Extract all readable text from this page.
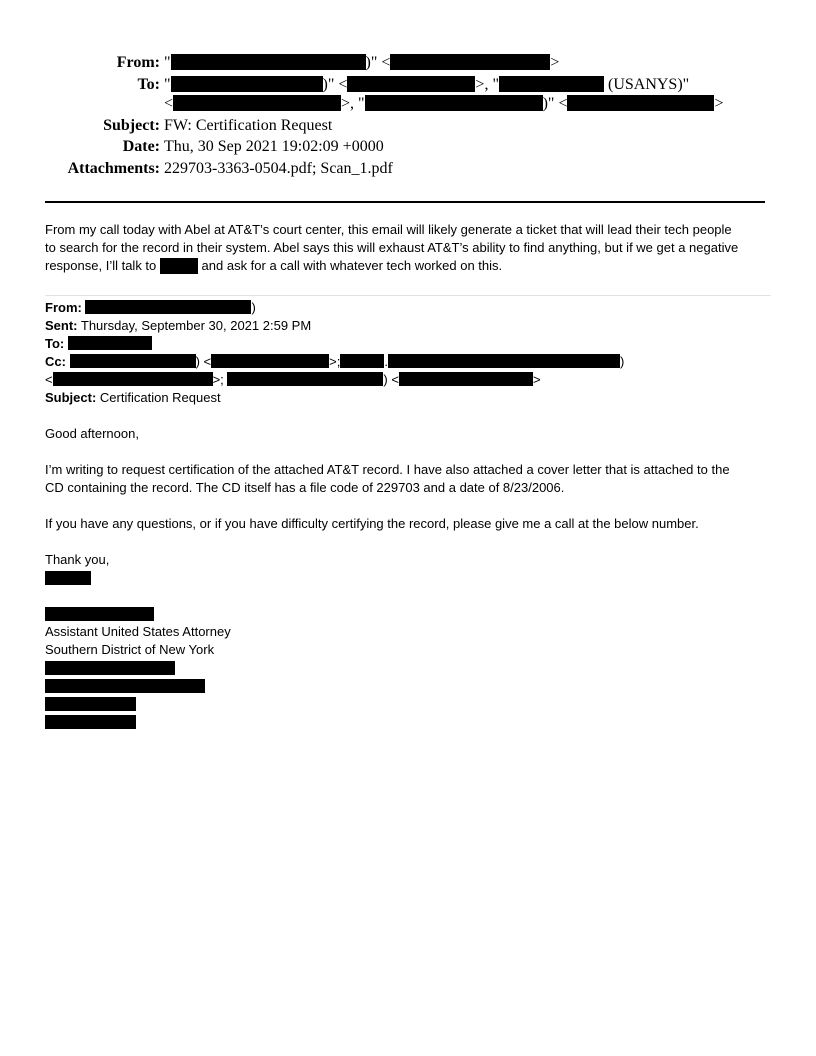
From: "	)" <	>
To: "	)" <	>, "	(USANYS)"
<	>, "	)" <	>
Subject: FW: Certification Request
Date: Thu, 30 Sep 2021 19:02:09 +0000
Attachments: 229703-3363-0504.pdf; Scan_1.pdf
From my call today with Abel at AT&T’s court center, this email will likely generate a ticket that will lead their tech people
to search for the record in their system. Abel says this will exhaust AT&T’s ability to find anything, but if we get a negative
response, I’ll talk to	and ask for a call with whatever tech worked on this.
From:	)
Sent: Thursday, September 30, 2021 2:59 PM
To:
Cc:	) <	>;	.	)
<	>;	) <	>
Subject: Certification Request
Good afternoon,
I’m writing to request certification of the attached AT&T record. I have also attached a cover letter that is attached to the
CD containing the record. The CD itself has a file code of 229703 and a date of 8/23/2006.
If you have any questions, or if you have difficulty certifying the record, please give me a call at the below number.
Thank you,
Assistant United States Attorney
Southern District of New York
